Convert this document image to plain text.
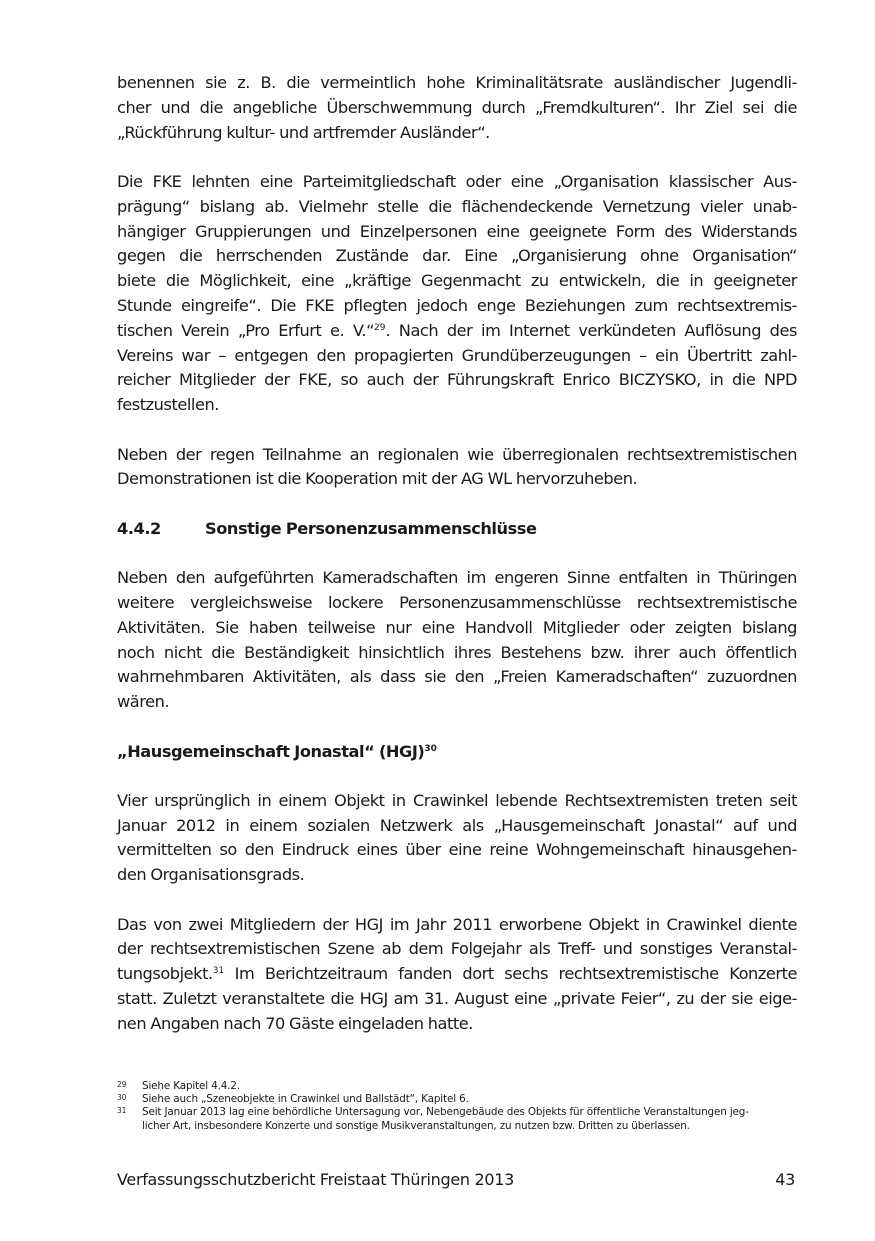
benennen sie z. B. die vermeintlich hohe Kriminalitätsrate ausländischer Jugendli-
cher und die angebliche Überschwemmung durch „Fremdkulturen“. Ihr Ziel sei die
„Rückführung kultur- und artfremder Ausländer“.

Die FKE lehnten eine Parteimitgliedschaft oder eine „Organisation klassischer Aus-
prägung“ bislang ab. Vielmehr stelle die flächendeckende Vernetzung vieler unab-
hängiger Gruppierungen und Einzelpersonen eine geeignete Form des Widerstands
gegen die herrschenden Zustände dar. Eine „Organisierung ohne Organisation“
biete die Möglichkeit, eine „kräftige Gegenmacht zu entwickeln, die in geeigneter
Stunde eingreife“. Die FKE pflegten jedoch enge Beziehungen zum rechtsextremis-
tischen Verein „Pro Erfurt e. V.“$^{29}$. Nach der im Internet verkündeten Auflösung des
Vereins war – entgegen den propagierten Grundüberzeugungen – ein Übertritt zahl-
reicher Mitglieder der FKE, so auch der Führungskraft Enrico BICZYSKO, in die NPD
festzustellen.

Neben der regen Teilnahme an regionalen wie überregionalen rechtsextremistischen
Demonstrationen ist die Kooperation mit der AG WL hervorzuheben.

4.4.2	Sonstige Personenzusammenschlüsse

Neben den aufgeführten Kameradschaften im engeren Sinne entfalten in Thüringen
weitere vergleichsweise lockere Personenzusammenschlüsse rechtsextremistische
Aktivitäten. Sie haben teilweise nur eine Handvoll Mitglieder oder zeigten bislang
noch nicht die Beständigkeit hinsichtlich ihres Bestehens bzw. ihrer auch öffentlich
wahrnehmbaren Aktivitäten, als dass sie den „Freien Kameradschaften“ zuzuordnen
wären.

„Hausgemeinschaft Jonastal“ (HGJ)$^{30}$

Vier ursprünglich in einem Objekt in Crawinkel lebende Rechtsextremisten treten seit
Januar 2012 in einem sozialen Netzwerk als „Hausgemeinschaft Jonastal“ auf und
vermittelten so den Eindruck eines über eine reine Wohngemeinschaft hinausgehen-
den Organisationsgrads.

Das von zwei Mitgliedern der HGJ im Jahr 2011 erworbene Objekt in Crawinkel diente
der rechtsextremistischen Szene ab dem Folgejahr als Treff- und sonstiges Veranstal-
tungsobjekt.$^{31}$ Im Berichtzeitraum fanden dort sechs rechtsextremistische Konzerte
statt. Zuletzt veranstaltete die HGJ am 31. August eine „private Feier“, zu der sie eige-
nen Angaben nach 70 Gäste eingeladen hatte.

29 Siehe Kapitel 4.4.2.
30 Siehe auch „Szeneobjekte in Crawinkel und Ballstädt“, Kapitel 6.
31 Seit Januar 2013 lag eine behördliche Untersagung vor, Nebengebäude des Objekts für öffentliche Veranstaltungen jeg-
licher Art, insbesondere Konzerte und sonstige Musikveranstaltungen, zu nutzen bzw. Dritten zu überlassen.
Verfassungsschutzbericht Freistaat Thüringen 2013	43
